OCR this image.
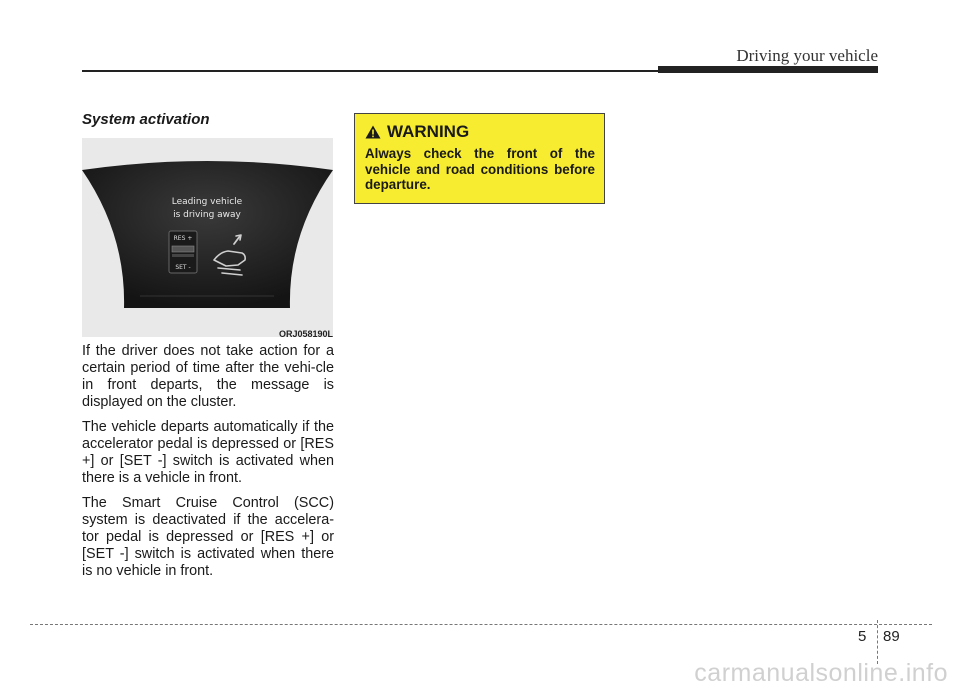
Driving your vehicle
System activation
Leading vehicle
is driving away
RES +
SET -
ORJ058190L

If the driver does not take action for a certain period of time after the vehi-cle in front departs, the message is displayed on the cluster.

The vehicle departs automatically if the accelerator pedal is depressed or [RES +] or [SET -] switch is activated when there is a vehicle in front.

The Smart Cruise Control (SCC) system is deactivated if the accelera-tor pedal is depressed or [RES +] or [SET -] switch is activated when there is no vehicle in front.

WARNING
Always check the front of the vehicle and road conditions before departure.
5 89
carmanualsonline.info
